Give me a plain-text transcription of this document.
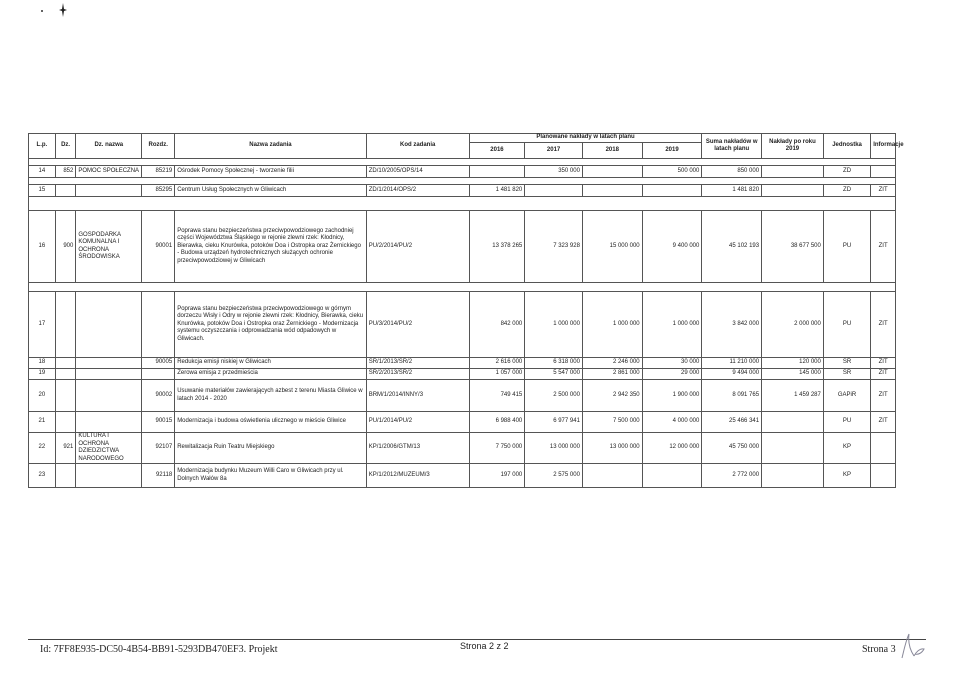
L.p.	Dz.	Dz. nazwa	Rozdz.	Nazwa zadania	Kod zadania	Planowane nakłady w latach planu				Suma nakładów w latach planu	Nakłady po roku 2019	Jednostka	Informacje
						2016	2017	2018	2019				

14	852	POMOC SPOŁECZNA	85219	Ośrodek Pomocy Społecznej - tworzenie filii	ZD/10/2005/OPS/14		350 000		500 000	850 000		ZD	

15			85295	Centrum Usług Społecznych w Gliwicach	ZD/1/2014/OPS/2	1 481 820				1 481 820		ZD	ZIT

16	900	GOSPODARKA KOMUNALNA I OCHRONA ŚRODOWISKA	90001	Poprawa stanu bezpieczeństwa przeciwpowodziowego zachodniej części Województwa Śląskiego w rejonie zlewni rzek: Kłodnicy, Bierawka, cieku Knurówka, potoków Doa i Ostropka oraz Żernickiego - Budowa urządzeń hydrotechnicznych służących ochronie przeciwpowodziowej w Gliwicach	PU/2/2014/PU/2	13 378 265	7 323 928	15 000 000	9 400 000	45 102 193	38 677 500	PU	ZIT

17				Poprawa stanu bezpieczeństwa przeciwpowodziowego w górnym dorzeczu Wisły i Odry w rejonie zlewni rzek: Kłodnicy, Bierawka, cieku Knurówka, potoków Doa i Ostropka oraz Żernickiego - Modernizacja systemu oczyszczania i odprowadzania wód odpadowych w Gliwicach.	PU/3/2014/PU/2	842 000	1 000 000	1 000 000	1 000 000	3 842 000	2 000 000	PU	ZIT
18			90005	Redukcja emisji niskiej w Gliwicach	SR/1/2013/SR/2	2 616 000	6 318 000	2 246 000	30 000	11 210 000	120 000	SR	ZIT
19				Zerowa emisja z przedmieścia	SR/2/2013/SR/2	1 057 000	5 547 000	2 861 000	29 000	9 494 000	145 000	SR	ZIT
20			90002	Usuwanie materiałów zawierających azbest z terenu Miasta Gliwice w latach 2014 - 2020	BRM/1/2014/INNY/3	749 415	2 500 000	2 942 350	1 900 000	8 091 765	1 459 287	GAPiR	ZIT
21			90015	Modernizacja i budowa oświetlenia ulicznego w mieście Gliwice	PU/1/2014/PU/2	6 988 400	6 977 941	7 500 000	4 000 000	25 466 341		PU	ZIT
22	921	KULTURA I OCHRONA DZIEDZICTWA NARODOWEGO	92107	Rewitalizacja Ruin Teatru Miejskiego	KP/1/2006/GTM/13	7 750 000	13 000 000	13 000 000	12 000 000	45 750 000		KP	
23			92118	Modernizacja budynku Muzeum Willi Caro w Gliwicach przy ul. Dolnych Wałów 8a	KP/1/2012/MUZEUM/3	197 000	2 575 000			2 772 000		KP	
Id: 7FF8E935-DC50-4B54-BB91-5293DB470EF3. Projekt	Strona 2 z 2	Strona 3
